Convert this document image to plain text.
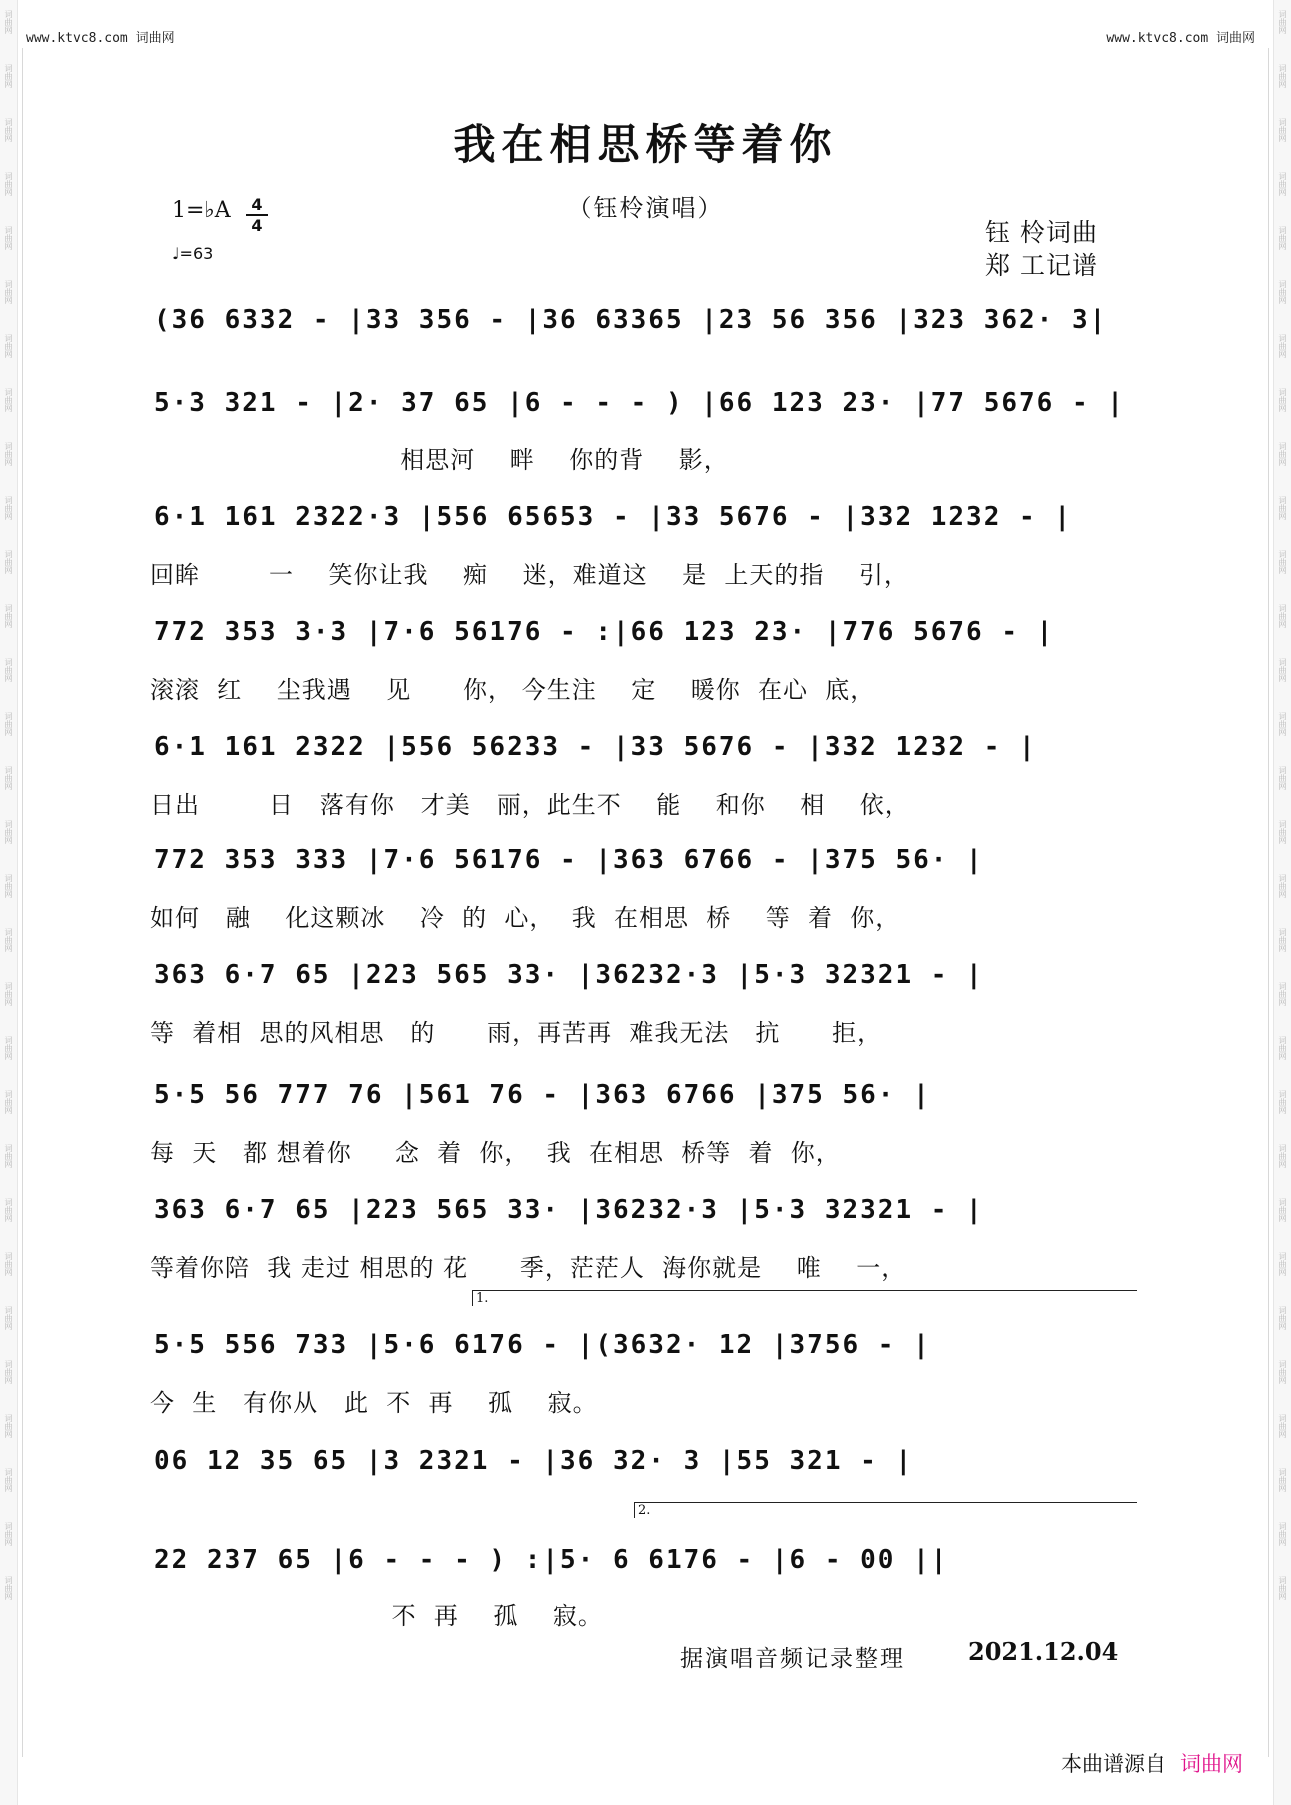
词曲网
词曲网
词曲网
词曲网
词曲网
词曲网
词曲网
词曲网
词曲网
词曲网
词曲网
词曲网
词曲网
词曲网
词曲网
词曲网
词曲网
词曲网
词曲网
词曲网
词曲网
词曲网
词曲网
词曲网
词曲网
词曲网
词曲网
词曲网
词曲网
词曲网
词曲网
词曲网
词曲网
词曲网
词曲网
词曲网
词曲网
词曲网
词曲网
词曲网
词曲网
词曲网
词曲网
词曲网
词曲网
词曲网
词曲网
词曲网
词曲网
词曲网
词曲网
词曲网
词曲网
词曲网
词曲网
词曲网
词曲网
词曲网
词曲网
词曲网
www.ktvc8.com 词曲网	www.ktvc8.com 词曲网
我在相思桥等着你
（钰柃演唱）
1=♭A	4
4
♩=63
钰 柃词曲
郑 工记谱
(36 6332 - |33 356 - |36 63365 |23 56 356 |323 362· 3|
5·3 321 - |2· 37 65 |6 - - - ) |66 123 23· |77 5676 - |
相思河    畔    你的背    影，
6·1 161 2322·3 |556 65653 - |33 5676 - |332 1232 - |
回眸        一    笑你让我    痴    迷，难道这    是  上天的指    引，
772 353 3·3 |7·6 56176 - :|66 123 23· |776 5676 - |
滚滚  红    尘我遇    见      你， 今生注    定    暖你  在心  底，
6·1 161 2322 |556 56233 - |33 5676 - |332 1232 - |
日出        日   落有你   才美   丽，此生不    能    和你    相    依，
772 353 333 |7·6 56176 - |363 6766 - |375 56· |
如何   融    化这颗冰    冷  的  心，  我  在相思  桥    等  着  你，
363 6·7 65 |223 565 33· |36232·3 |5·3 32321 - |
等  着相  思的风相思   的      雨，再苦再  难我无法   抗      拒，
5·5 56 777 76 |561 76 - |363 6766 |375 56· |
每  天   都 想着你     念  着  你，  我  在相思  桥等  着  你，
363 6·7 65 |223 565 33· |36232·3 |5·3 32321 - |
等着你陪  我 走过 相思的 花      季，茫茫人  海你就是    唯    一，
1.
5·5 556 733 |5·6 6176 - |(3632· 12 |3756 - |
今  生   有你从   此  不  再    孤    寂。
06 12 35 65 |3 2321 - |36 32· 3 |55 321 - |
2.
22 237 65 |6 - - - ) :|5· 6 6176 - |6 - 00 ||
不  再    孤    寂。
据演唱音频记录整理	2021.12.04
本曲谱源自 词曲网
